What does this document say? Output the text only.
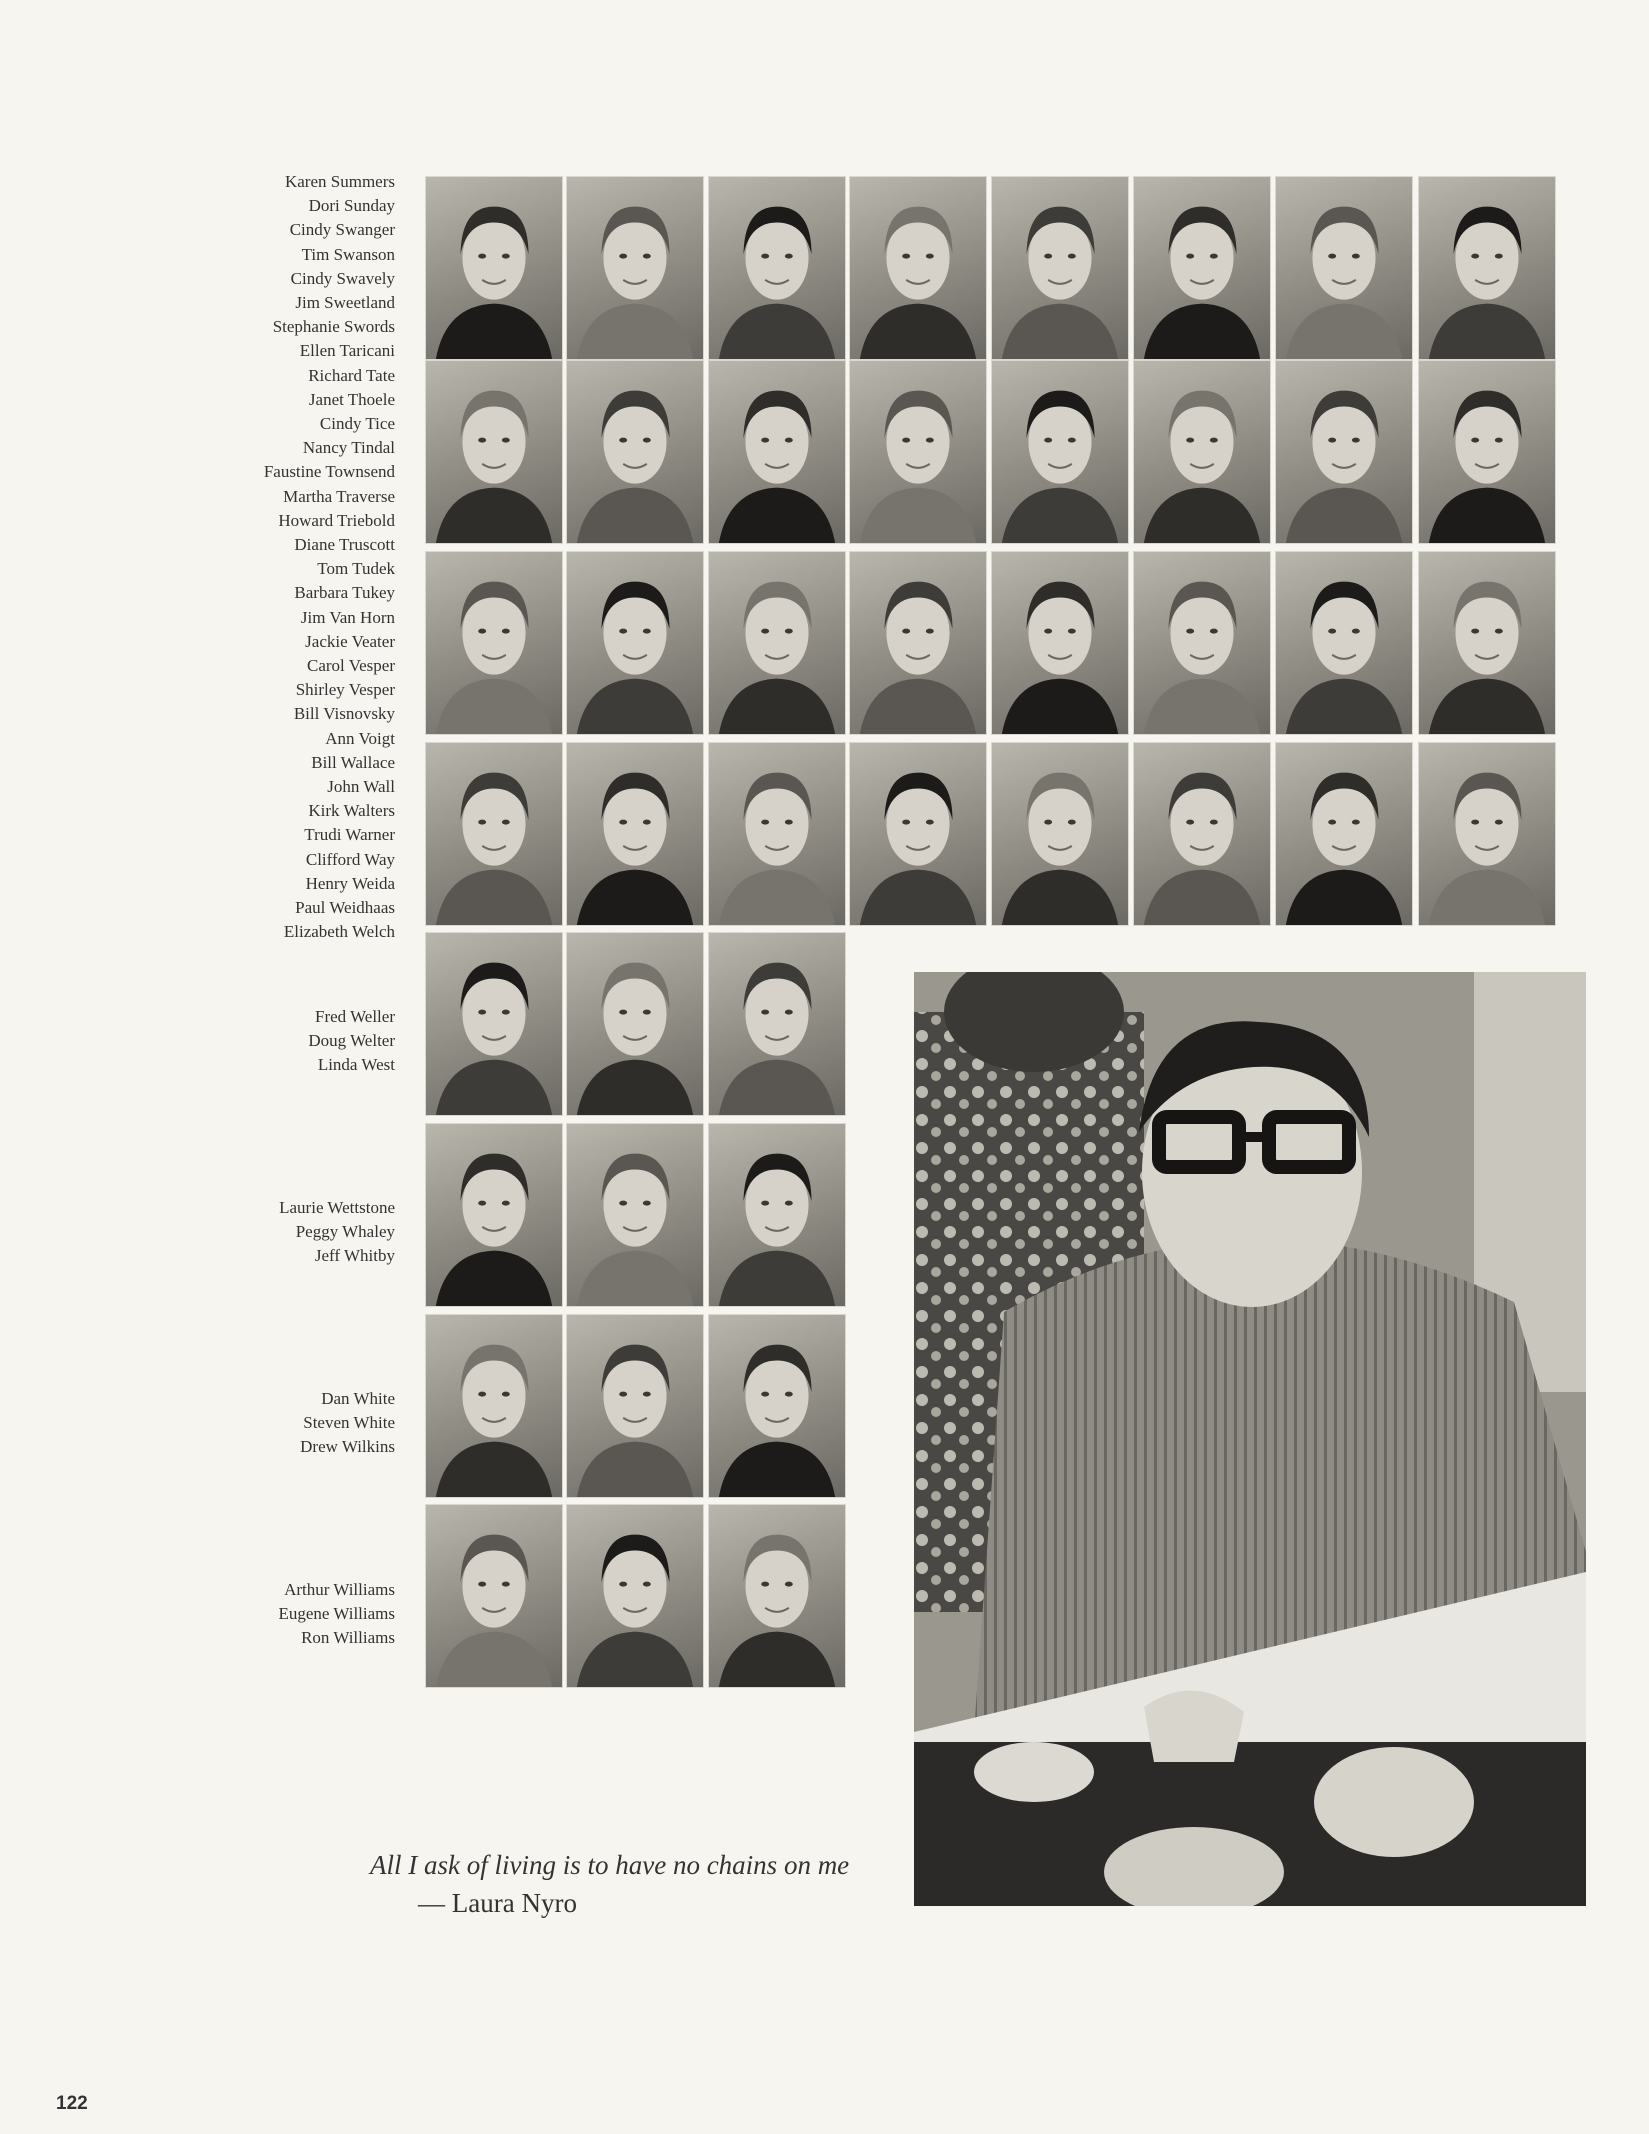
Karen Summers
Dori Sunday
Cindy Swanger
Tim Swanson
Cindy Swavely
Jim Sweetland
Stephanie Swords
Ellen Taricani
Richard Tate
Janet Thoele
Cindy Tice
Nancy Tindal
Faustine Townsend
Martha Traverse
Howard Triebold
Diane Truscott
Tom Tudek
Barbara Tukey
Jim Van Horn
Jackie Veater
Carol Vesper
Shirley Vesper
Bill Visnovsky
Ann Voigt
Bill Wallace
John Wall
Kirk Walters
Trudi Warner
Clifford Way
Henry Weida
Paul Weidhaas
Elizabeth Welch
Fred Weller
Doug Welter
Linda West
Laurie Wettstone
Peggy Whaley
Jeff Whitby
Dan White
Steven White
Drew Wilkins
Arthur Williams
Eugene Williams
Ron Williams
All I ask of living is to have no chains on me
— Laura Nyro
122
